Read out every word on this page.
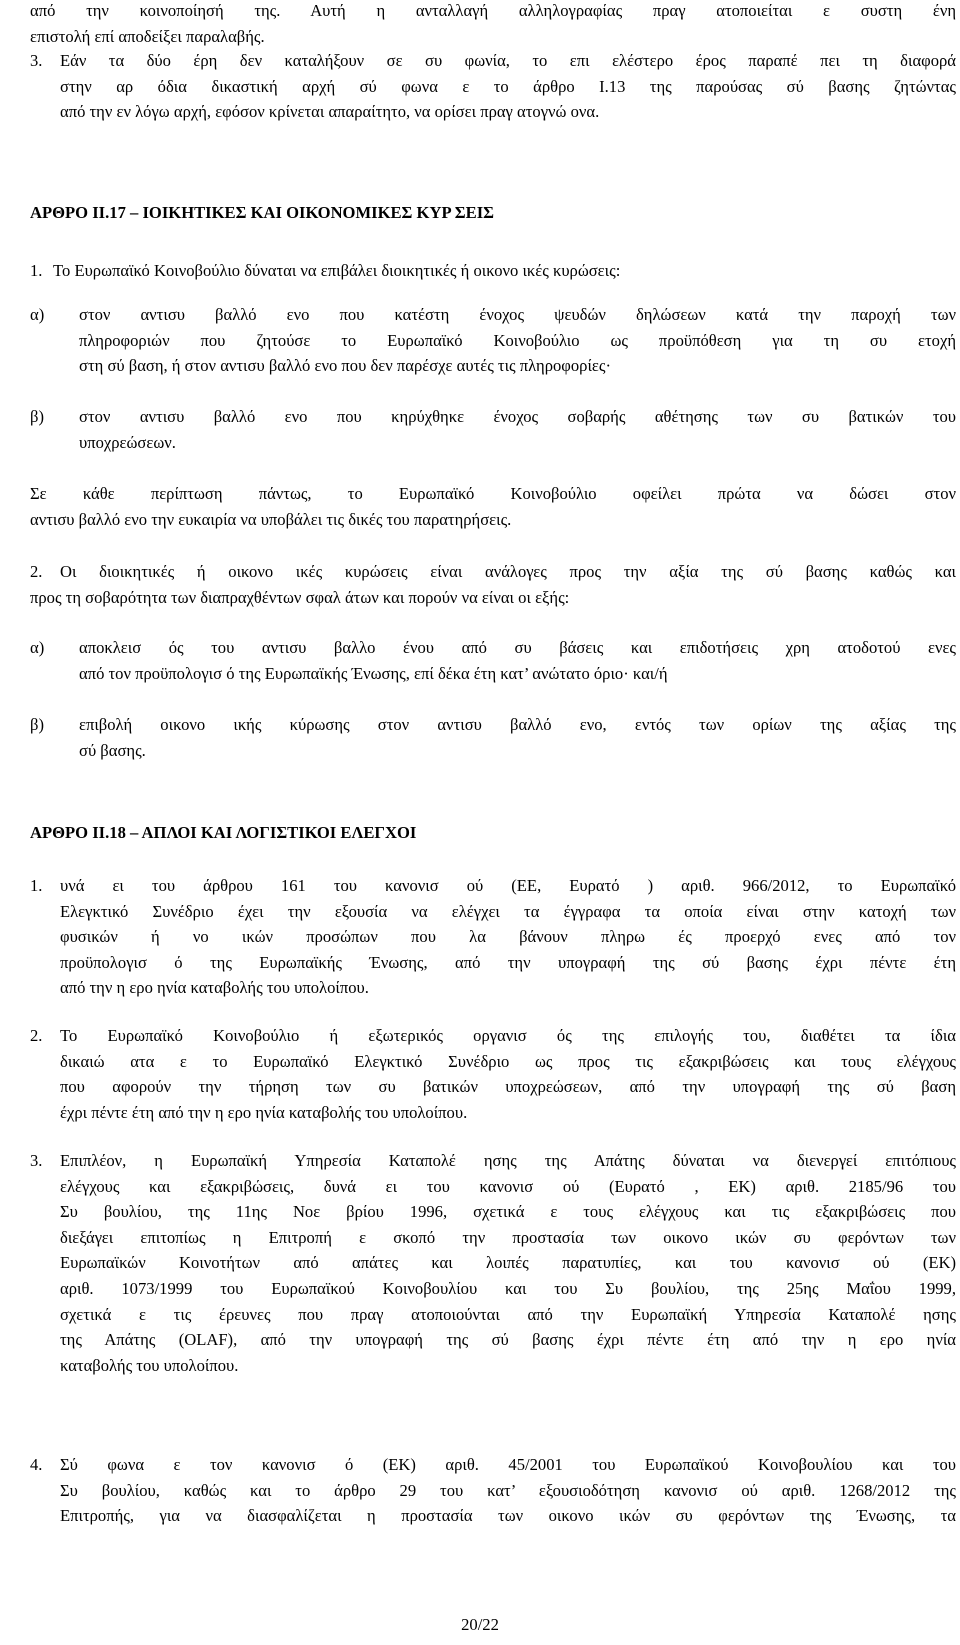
από την κοινοποίησή της. Αυτή η ανταλλαγή αλληλογραφίας πραγ ατοποιείται ε συστη ένη
επιστολή επί αποδείξει παραλαβής.
3. Εάν τα δύο έρη δεν καταλήξουν σε συ φωνία, το επι ελέστερο έρος παραπέ πει τη διαφορά
στην αρ όδια δικαστική αρχή σύ φωνα ε το άρθρο I.13 της παρούσας σύ βασης ζητώντας
από την εν λόγω αρχή, εφόσον κρίνεται απαραίτητο, να ορίσει πραγ ατογνώ ονα.
ΑΡΘΡΟ ΙΙ.17 – ΙΟΙΚΗΤΙΚΕΣ ΚΑΙ ΟΙΚΟΝΟΜΙΚΕΣ ΚΥΡ ΣΕΙΣ
1. Το Ευρωπαϊκό Κοινοβούλιο δύναται να επιβάλει διοικητικές ή οικονο ικές κυρώσεις:
α) στον αντισυ βαλλό ενο που κατέστη ένοχος ψευδών δηλώσεων κατά την παροχή των
πληροφοριών που ζητούσε το Ευρωπαϊκό Κοινοβούλιο ως προϋπόθεση για τη συ ετοχή
στη σύ βαση, ή στον αντισυ βαλλό ενο που δεν παρέσχε αυτές τις πληροφορίες·
β) στον αντισυ βαλλό ενο που κηρύχθηκε ένοχος σοβαρής αθέτησης των συ βατικών του
υποχρεώσεων.
Σε κάθε περίπτωση πάντως, το Ευρωπαϊκό Κοινοβούλιο οφείλει πρώτα να δώσει στον
αντισυ βαλλό ενο την ευκαιρία να υποβάλει τις δικές του παρατηρήσεις.
2.	Οι διοικητικές ή οικονο ικές κυρώσεις είναι ανάλογες προς την αξία της σύ βασης καθώς και
προς τη σοβαρότητα των διαπραχθέντων σφαλ άτων και πορούν να είναι οι εξής:
α) αποκλεισ ός του αντισυ βαλλο ένου από συ βάσεις και επιδοτήσεις χρη ατοδοτού ενες
από τον προϋπολογισ ό της Ευρωπαϊκής Ένωσης, επί δέκα έτη κατ’ ανώτατο όριο· και/ή
β) επιβολή οικονο ικής κύρωσης στον αντισυ βαλλό ενο, εντός των ορίων της αξίας της
σύ βασης.
ΑΡΘΡΟ ΙΙ.18 – ΑΠΛΟΙ ΚΑΙ ΛΟΓΙΣΤΙΚΟΙ ΕΛΕΓΧΟΙ
1. υνά ει του άρθρου 161 του κανονισ ού (ΕΕ, Ευρατό ) αριθ. 966/2012, το Ευρωπαϊκό
Ελεγκτικό Συνέδριο έχει την εξουσία να ελέγχει τα έγγραφα τα οποία είναι στην κατοχή των
φυσικών ή νο ικών προσώπων που λα βάνουν πληρω ές προερχό ενες από τον
προϋπολογισ ό της Ευρωπαϊκής Ένωσης, από την υπογραφή της σύ βασης έχρι πέντε έτη
από την η ερο ηνία καταβολής του υπολοίπου.
2. Το Ευρωπαϊκό Κοινοβούλιο ή εξωτερικός οργανισ ός της επιλογής του, διαθέτει τα ίδια
δικαιώ ατα ε το Ευρωπαϊκό Ελεγκτικό Συνέδριο ως προς τις εξακριβώσεις και τους ελέγχους
που αφορούν την τήρηση των συ βατικών υποχρεώσεων, από την υπογραφή της σύ βαση
έχρι πέντε έτη από την η ερο ηνία καταβολής του υπολοίπου.
3. Επιπλέον, η Ευρωπαϊκή Υπηρεσία Καταπολέ ησης της Απάτης δύναται να διενεργεί επιτόπιους
ελέγχους και εξακριβώσεις, δυνά ει του κανονισ ού (Ευρατό , ΕΚ) αριθ. 2185/96 του
Συ βουλίου, της 11ης Νοε βρίου 1996, σχετικά ε τους ελέγχους και τις εξακριβώσεις που
διεξάγει επιτοπίως η Επιτροπή ε σκοπό την προστασία των οικονο ικών συ φερόντων των
Ευρωπαϊκών Κοινοτήτων από απάτες και λοιπές παρατυπίες, και του κανονισ ού (ΕΚ)
αριθ. 1073/1999 του Ευρωπαϊκού Κοινοβουλίου και του Συ βουλίου, της 25ης Μαΐου 1999,
σχετικά ε τις έρευνες που πραγ ατοποιούνται από την Ευρωπαϊκή Υπηρεσία Καταπολέ ησης
της Απάτης (OLAF), από την υπογραφή της σύ βασης έχρι πέντε έτη από την η ερο ηνία
καταβολής του υπολοίπου.
4. Σύ φωνα ε τον κανονισ ό (ΕΚ) αριθ. 45/2001 του Ευρωπαϊκού Κοινοβουλίου και του
Συ βουλίου, καθώς και το άρθρο 29 του κατ’ εξουσιοδότηση κανονισ ού αριθ. 1268/2012 της
Επιτροπής, για να διασφαλίζεται η προστασία των οικονο ικών συ φερόντων της Ένωσης, τα
20/22
